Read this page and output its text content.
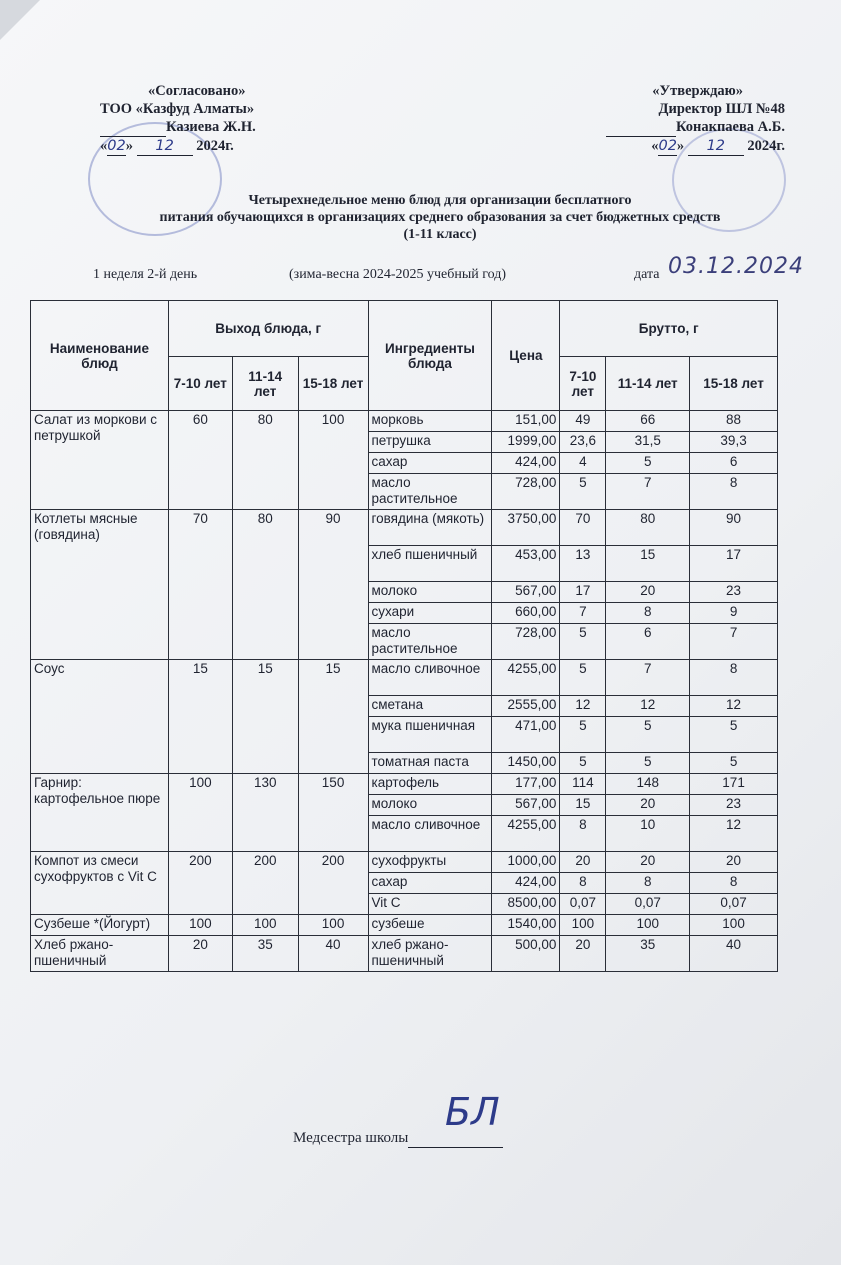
«Согласовано»
ТОО «Казфуд Алматы»
Казиева Ж.Н.
«02» 12 2024г.
«Утверждаю»
Директор ШЛ №48
Конакпаева А.Б.
«02» 12 2024г.
Четырехнедельное меню блюд для организации бесплатного
питания обучающихся в организациях среднего образования за счет бюджетных средств
(1-11 класс)
1 неделя 2-й день	(зима-весна 2024-2025 учебный год)	дата 03.12.2024
Наименование блюд	Выход блюда, г			Ингредиенты блюда	Цена	Брутто, г		
	7-10 лет	11-14 лет	15-18 лет			7-10 лет	11-14 лет	15-18 лет
Салат из моркови с петрушкой	60	80	100	морковь	151,00	49	66	88
				петрушка	1999,00	23,6	31,5	39,3
				сахар	424,00	4	5	6
				масло растительное	728,00	5	7	8
Котлеты мясные (говядина)	70	80	90	говядина (мякоть)	3750,00	70	80	90
				хлеб пшеничный	453,00	13	15	17
				молоко	567,00	17	20	23
				сухари	660,00	7	8	9
				масло растительное	728,00	5	6	7
Соус	15	15	15	масло сливочное	4255,00	5	7	8
				сметана	2555,00	12	12	12
				мука пшеничная	471,00	5	5	5
				томатная паста	1450,00	5	5	5
Гарнир: картофельное пюре	100	130	150	картофель	177,00	114	148	171
				молоко	567,00	15	20	23
				масло сливочное	4255,00	8	10	12
Компот из смеси сухофруктов с Vit C	200	200	200	сухофрукты	1000,00	20	20	20
				сахар	424,00	8	8	8
				Vit C	8500,00	0,07	0,07	0,07
Сузбеше *(Йогурт)	100	100	100	сузбеше	1540,00	100	100	100
Хлеб ржано-пшеничный	20	35	40	хлеб ржано-пшеничный	500,00	20	35	40
БЛ
Медсестра школы
